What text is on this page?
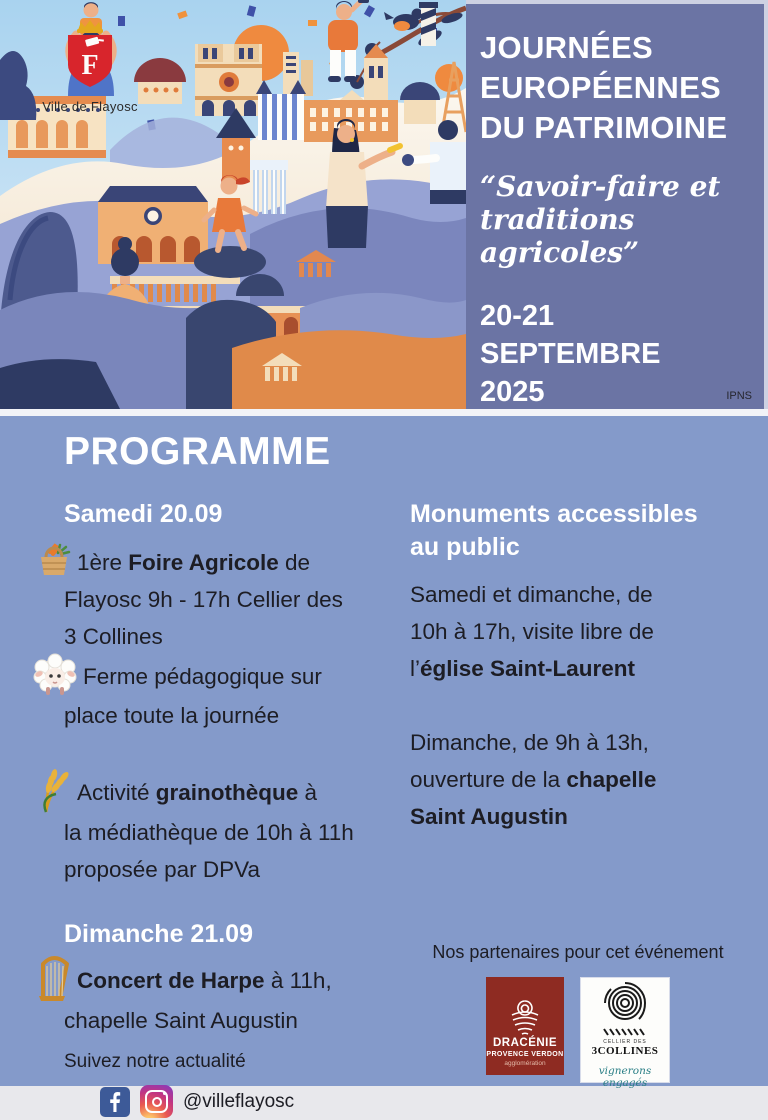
F
Ville de Flayosc
JOURNÉES
EUROPÉENNES
DU PATRIMOINE

“Savoir-faire et
traditions agricoles”

20-21
SEPTEMBRE
2025	IPNS
PROGRAMME
Samedi 20.09

1ère Foire Agricole de
Flayosc 9h - 17h Cellier des
3 Collines

Ferme pédagogique sur
place toute la journée

Activité grainothèque à
la médiathèque de 10h à 11h
proposée par DPVa

Dimanche 21.09

Concert de Harpe à 11h,
chapelle Saint Augustin

Suivez notre actualité

@villeflayosc
Monuments accessibles
au public

Samedi et dimanche, de
10h à 17h, visite libre de
l’église Saint-Laurent

Dimanche, de 9h à 13h,
ouverture de la chapelle
Saint Augustin

Nos partenaires pour cet événement

DRACÉNIE
PROVENCE VERDON
agglomération
CELLIER DES
3COLLINES
vignerons engagés
